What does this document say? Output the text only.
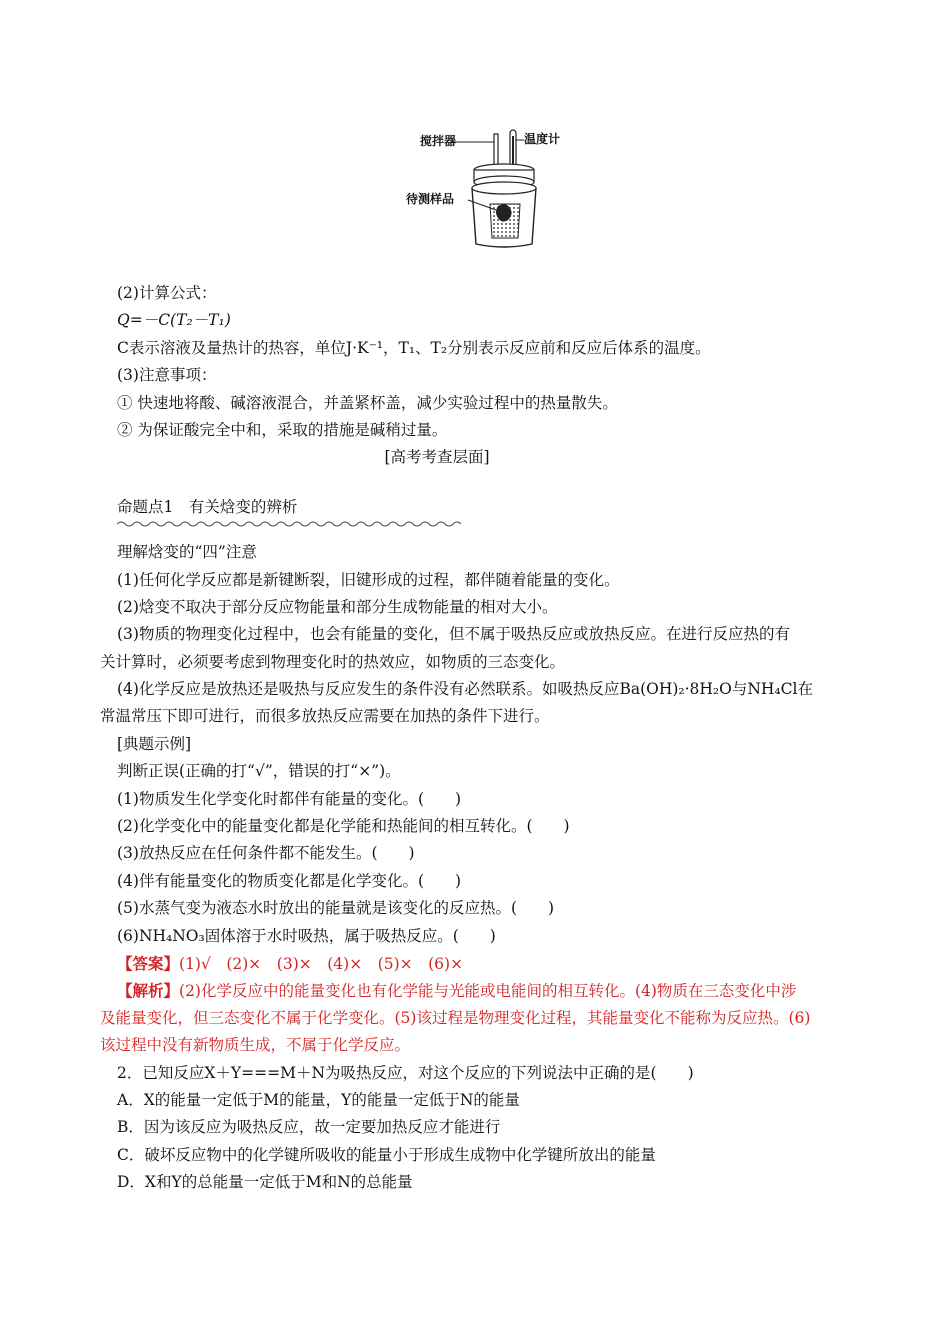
搅拌器	温度计
待测样品
(2)计算公式：
Q=－C(T₂－T₁)
C表示溶液及量热计的热容，单位J·K⁻¹，T₁、T₂分别表示反应前和反应后体系的温度。
(3)注意事项：
① 快速地将酸、碱溶液混合，并盖紧杯盖，减少实验过程中的热量散失。
② 为保证酸完全中和，采取的措施是碱稍过量。
[高考考查层面]
命题点1　有关焓变的辨析
理解焓变的“四”注意
(1)任何化学反应都是新键断裂，旧键形成的过程，都伴随着能量的变化。
(2)焓变不取决于部分反应物能量和部分生成物能量的相对大小。
(3)物质的物理变化过程中，也会有能量的变化，但不属于吸热反应或放热反应。在进行反应热的有
关计算时，必须要考虑到物理变化时的热效应，如物质的三态变化。
(4)化学反应是放热还是吸热与反应发生的条件没有必然联系。如吸热反应Ba(OH)₂·8H₂O与NH₄Cl在
常温常压下即可进行，而很多放热反应需要在加热的条件下进行。
[典题示例]
判断正误(正确的打“√”，错误的打“×”)。
(1)物质发生化学变化时都伴有能量的变化。(　　)
(2)化学变化中的能量变化都是化学能和热能间的相互转化。(　　)
(3)放热反应在任何条件都不能发生。(　　)
(4)伴有能量变化的物质变化都是化学变化。(　　)
(5)水蒸气变为液态水时放出的能量就是该变化的反应热。(　　)
(6)NH₄NO₃固体溶于水时吸热，属于吸热反应。(　　)
【答案】(1)√　(2)×　(3)×　(4)×　(5)×　(6)×
【解析】(2)化学反应中的能量变化也有化学能与光能或电能间的相互转化。(4)物质在三态变化中涉
及能量变化，但三态变化不属于化学变化。(5)该过程是物理变化过程，其能量变化不能称为反应热。(6)
该过程中没有新物质生成，不属于化学反应。
2．已知反应X＋Y===M＋N为吸热反应，对这个反应的下列说法中正确的是(　　)
A．X的能量一定低于M的能量，Y的能量一定低于N的能量
B．因为该反应为吸热反应，故一定要加热反应才能进行
C．破坏反应物中的化学键所吸收的能量小于形成生成物中化学键所放出的能量
D．X和Y的总能量一定低于M和N的总能量
